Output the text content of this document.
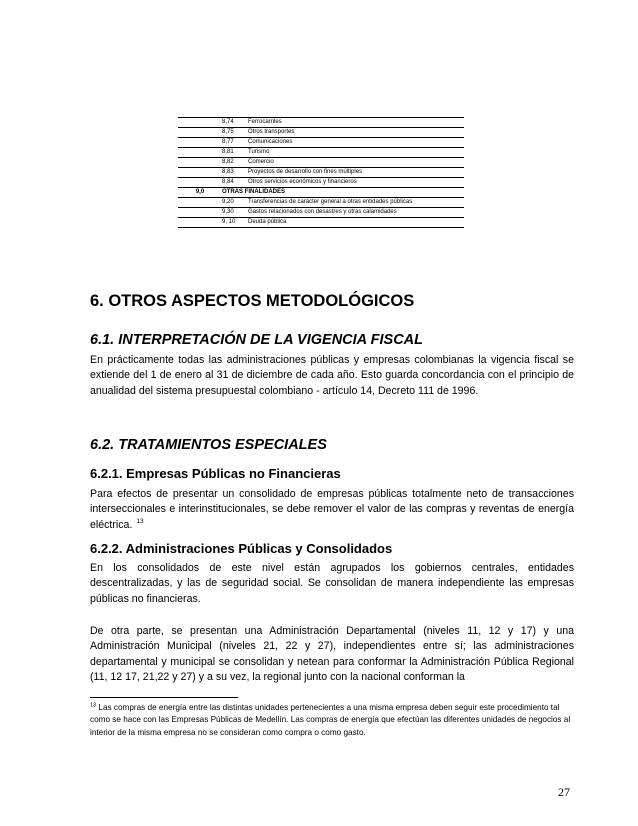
	8,74	Ferrocarriles
	8,75	Otros transportes
	8,77	Comunicaciones
	8,81	Turismo
	8,82	Comercio
	8,83	Proyectos de desarrollo con fines múltiples
	8,84	Otros servicios económicos y financieros
9,0	OTRAS FINALIDADES	
	9,20	Transferencias de carácter general a otras entidades públicas
	9,30	Gastos relacionados con desastres y otras calamidades
	9, 10	Deuda pública
6. OTROS ASPECTOS METODOLÓGICOS
6.1. INTERPRETACIÓN DE LA VIGENCIA FISCAL

En prácticamente todas las administraciones públicas y empresas colombianas la vigencia fiscal se extiende del 1 de enero al 31 de diciembre de cada año. Esto guarda concordancia con el principio de anualidad del sistema presupuestal colombiano - artículo 14, Decreto 111 de 1996.

6.2. TRATAMIENTOS ESPECIALES
6.2.1. Empresas Públicas no Financieras

Para efectos de presentar un consolidado de empresas públicas totalmente neto de transacciones interseccionales e interinstitucionales, se debe remover el valor de las compras y reventas de energía eléctrica. $^{13}$

6.2.2. Administraciones Públicas y Consolidados

En los consolidados de este nivel están agrupados los gobiernos centrales, entidades descentralizadas, y las de seguridad social. Se consolidan de manera independiente las empresas públicas no financieras.

De otra parte, se presentan una Administración Departamental (niveles 11, 12 y 17) y una Administración Municipal (niveles 21, 22 y 27), independientes entre sí; las administraciones departamental y municipal se consolidan y netean para conformar la Administración Pública Regional (11, 12 17, 21,22 y 27) y a su vez, la regional junto con la nacional conforman la

$^{13}$ Las compras de energía entre las distintas unidades pertenecientes a una misma empresa deben seguir este procedimiento tal como se hace con las Empresas Públicas de Medellín. Las compras de energía que efectúan las diferentes unidades de negocios al interior de la misma empresa no se consideran como compra o como gasto.

27
